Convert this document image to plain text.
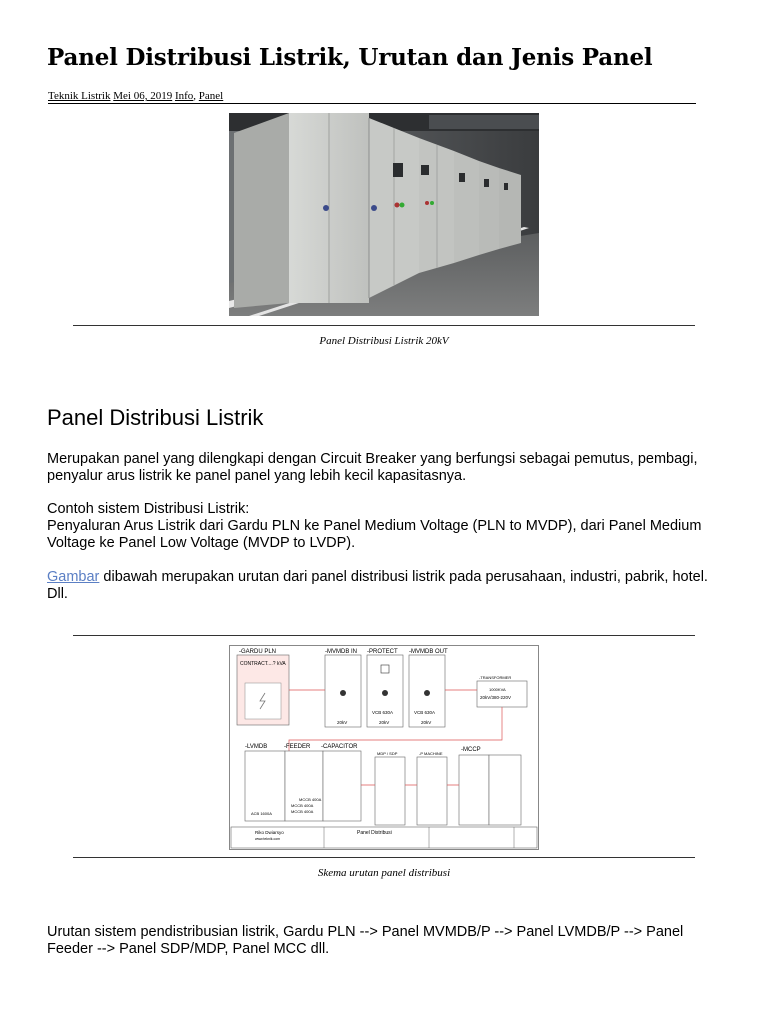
Panel Distribusi Listrik, Urutan dan Jenis Panel
Teknik Listrik Mei 06, 2019 Info, Panel
Panel Distribusi Listrik 20kV
Panel Distribusi Listrik

Merupakan panel yang dilengkapi dengan Circuit Breaker yang berfungsi sebagai pemutus, pembagi, penyalur arus listrik ke panel panel yang lebih kecil kapasitasnya.

Contoh sistem Distribusi Listrik:

Penyaluran Arus Listrik dari Gardu PLN ke Panel Medium Voltage (PLN to MVDP), dari Panel Medium Voltage ke Panel Low Voltage (MVDP to LVDP).

Gambar dibawah merupakan urutan dari panel distribusi listrik pada perusahaan, industri, pabrik, hotel. Dll.

-GARDU PLN
CONTRACT....? kVA
-MVMDB IN -PROTECT -MVMDB OUT
VCB 630A	VCB 630A
20kV	20kV	20kV
-TRANSFORMER
1000KVA
20kV/380-220V
-LVMDB	-FEEDER -CAPACITOR
ACB 1600A
MCCB 400A
MCCB 400A
MCCB 400A
MDP / SDP	-P MACHINE
-MCCP
Riko Dwiarsyo
www.teknik.com
Panel Distribusi
Skema urutan panel distribusi

Urutan sistem pendistribusian listrik, Gardu PLN --> Panel MVMDB/P --> Panel LVMDB/P --> Panel Feeder --> Panel SDP/MDP, Panel MCC dll.
